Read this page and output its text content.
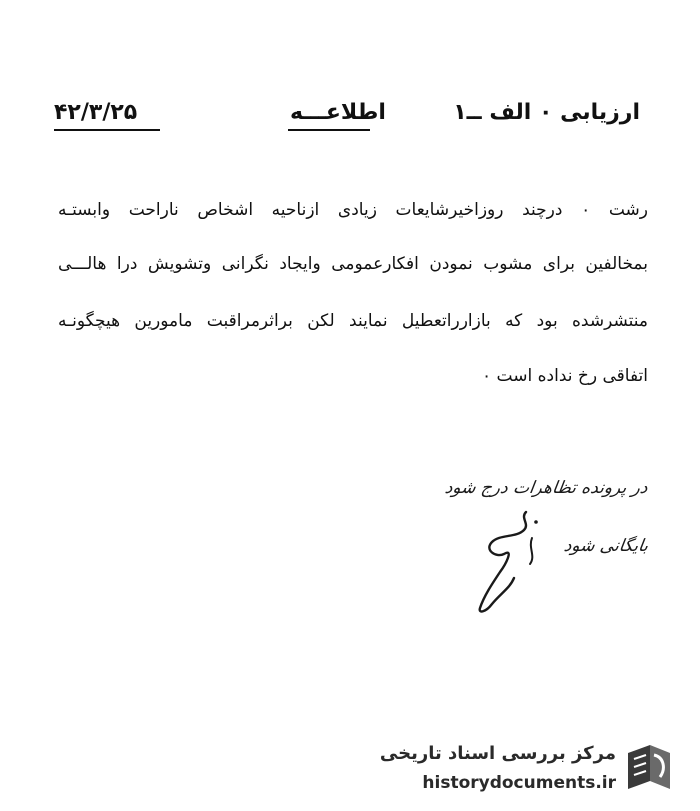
ارزیابی ۰ الف ــ۱
اطلاعـــه
۴۲/۳/۲۵
رشت ۰ درچند روزاخیرشایعات زیادی ازناحیه اشخاص ناراحت وابستـه
بمخالفین برای مشوب نمودن افکارعمومی وایجاد نگرانی وتشویش درا هالـــی
منتشرشده بود که بازارراتعطیل نمایند لکن براثرمراقبت مامورین هیچگونـه
اتفاقی رخ نداده است ۰
در پرونده تظاهرات درج شود
بایگانی شود
مرکز بررسی اسناد تاریخی
historydocuments.ir
